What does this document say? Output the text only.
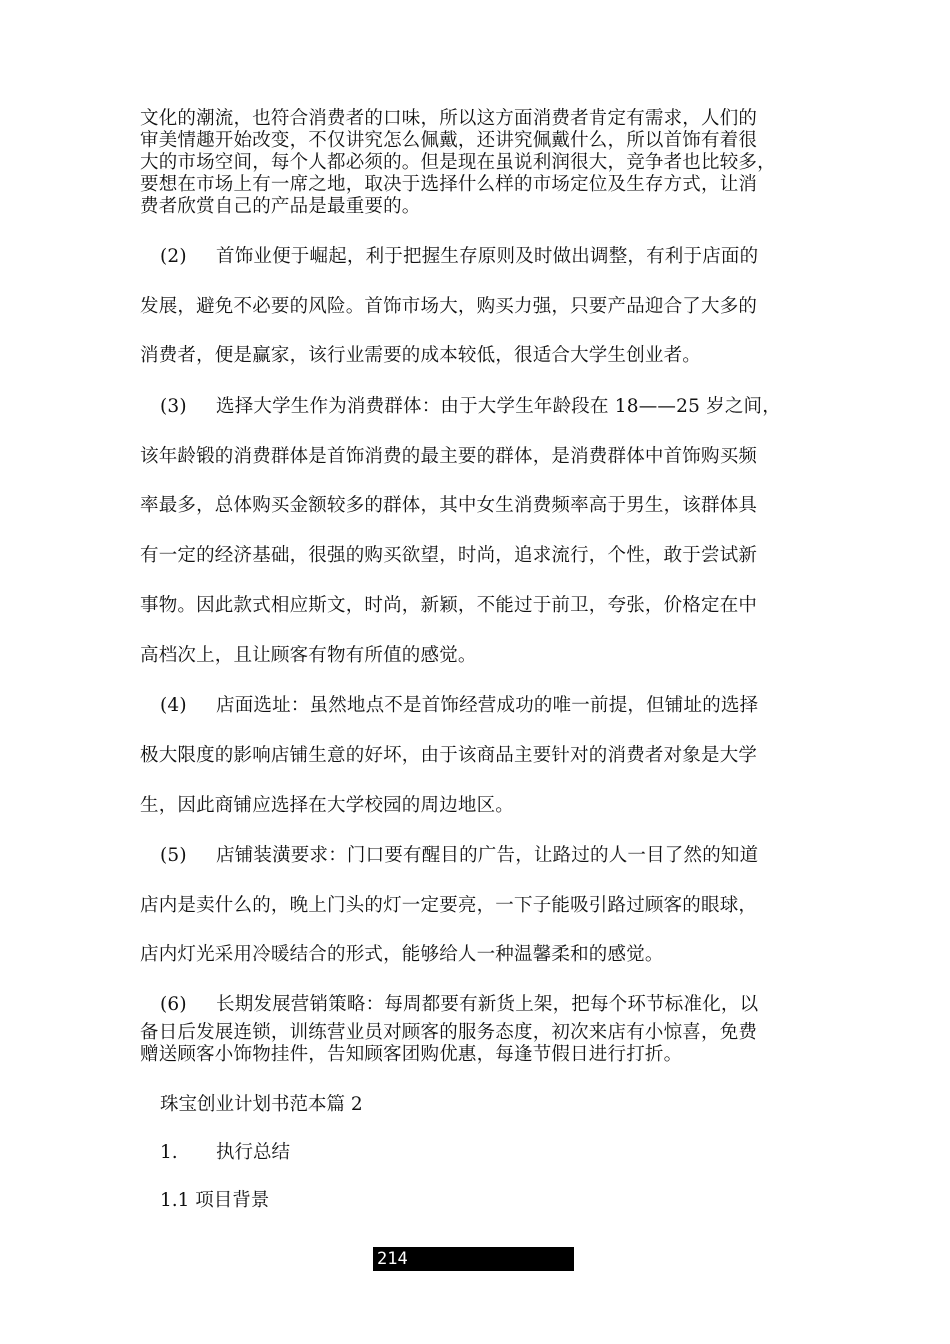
文化的潮流，也符合消费者的口味，所以这方面消费者肯定有需求，人们的

审美情趣开始改变，不仅讲究怎么佩戴，还讲究佩戴什么，所以首饰有着很

大的市场空间，每个人都必须的。但是现在虽说利润很大，竞争者也比较多，

要想在市场上有一席之地，取决于选择什么样的市场定位及生存方式，让消

费者欣赏自己的产品是最重要的。

(2) 首饰业便于崛起，利于把握生存原则及时做出调整，有利于店面的

发展，避免不必要的风险。首饰市场大，购买力强，只要产品迎合了大多的

消费者，便是赢家，该行业需要的成本较低，很适合大学生创业者。

(3) 选择大学生作为消费群体：由于大学生年龄段在 18——25 岁之间，

该年龄锻的消费群体是首饰消费的最主要的群体，是消费群体中首饰购买频

率最多，总体购买金额较多的群体，其中女生消费频率高于男生，该群体具

有一定的经济基础，很强的购买欲望，时尚，追求流行，个性，敢于尝试新

事物。因此款式相应斯文，时尚，新颖，不能过于前卫，夸张，价格定在中

高档次上，且让顾客有物有所值的感觉。

(4) 店面选址：虽然地点不是首饰经营成功的唯一前提，但铺址的选择

极大限度的影响店铺生意的好坏，由于该商品主要针对的消费者对象是大学

生，因此商铺应选择在大学校园的周边地区。

(5) 店铺装潢要求：门口要有醒目的广告，让路过的人一目了然的知道

店内是卖什么的，晚上门头的灯一定要亮，一下子能吸引路过顾客的眼球，

店内灯光采用冷暖结合的形式，能够给人一种温馨柔和的感觉。

(6) 长期发展营销策略：每周都要有新货上架，把每个环节标准化，以

备日后发展连锁，训练营业员对顾客的服务态度，初次来店有小惊喜，免费

赠送顾客小饰物挂件，告知顾客团购优惠，每逢节假日进行打折。

珠宝创业计划书范本篇 2

1. 执行总结

1.1 项目背景

214
